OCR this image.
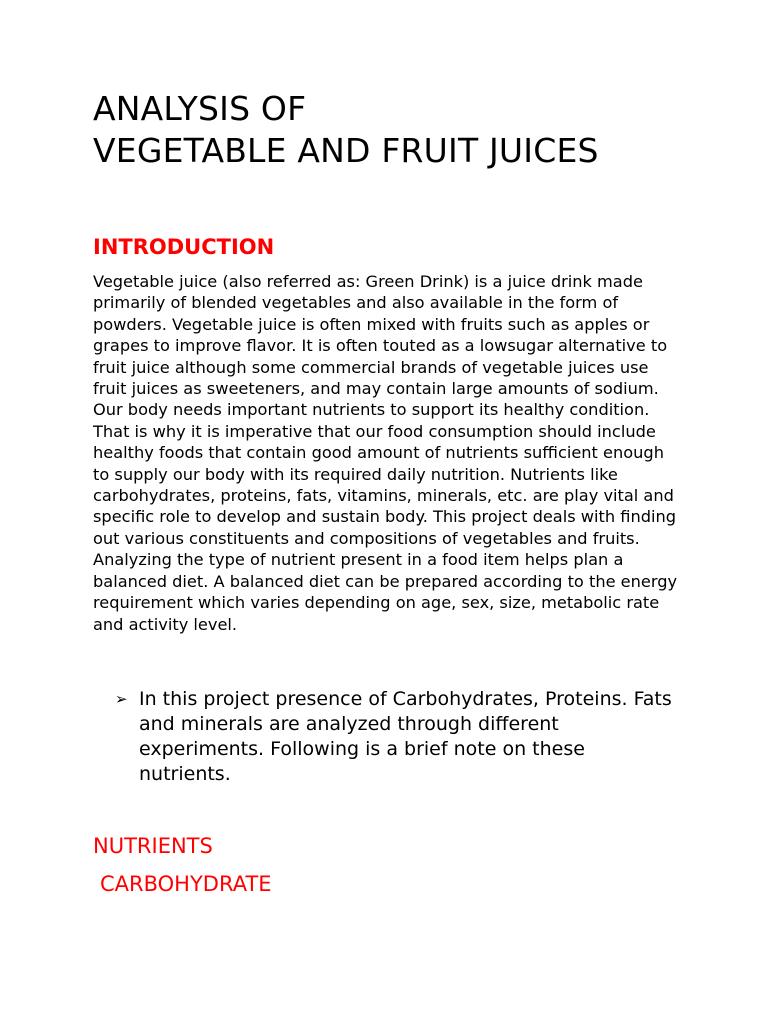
ANALYSIS OF
VEGETABLE AND FRUIT JUICES
INTRODUCTION

Vegetable juice (also referred as: Green Drink) is a juice drink made primarily of blended vegetables and also available in the form of powders. Vegetable juice is often mixed with fruits such as apples or grapes to improve flavor. It is often touted as a lowsugar alternative to fruit juice although some commercial brands of vegetable juices use fruit juices as sweeteners, and may contain large amounts of sodium. Our body needs important nutrients to support its healthy condition. That is why it is imperative that our food consumption should include healthy foods that contain good amount of nutrients sufficient enough to supply our body with its required daily nutrition. Nutrients like carbohydrates, proteins, fats, vitamins, minerals, etc. are play vital and specific role to develop and sustain body. This project deals with finding out various constituents and compositions of vegetables and fruits. Analyzing the type of nutrient present in a food item helps plan a balanced diet. A balanced diet can be prepared according to the energy requirement which varies depending on age, sex, size, metabolic rate and activity level.

➢ In this project presence of Carbohydrates, Proteins. Fats and minerals are analyzed through different experiments. Following is a brief note on these nutrients.
NUTRIENTS
CARBOHYDRATE
